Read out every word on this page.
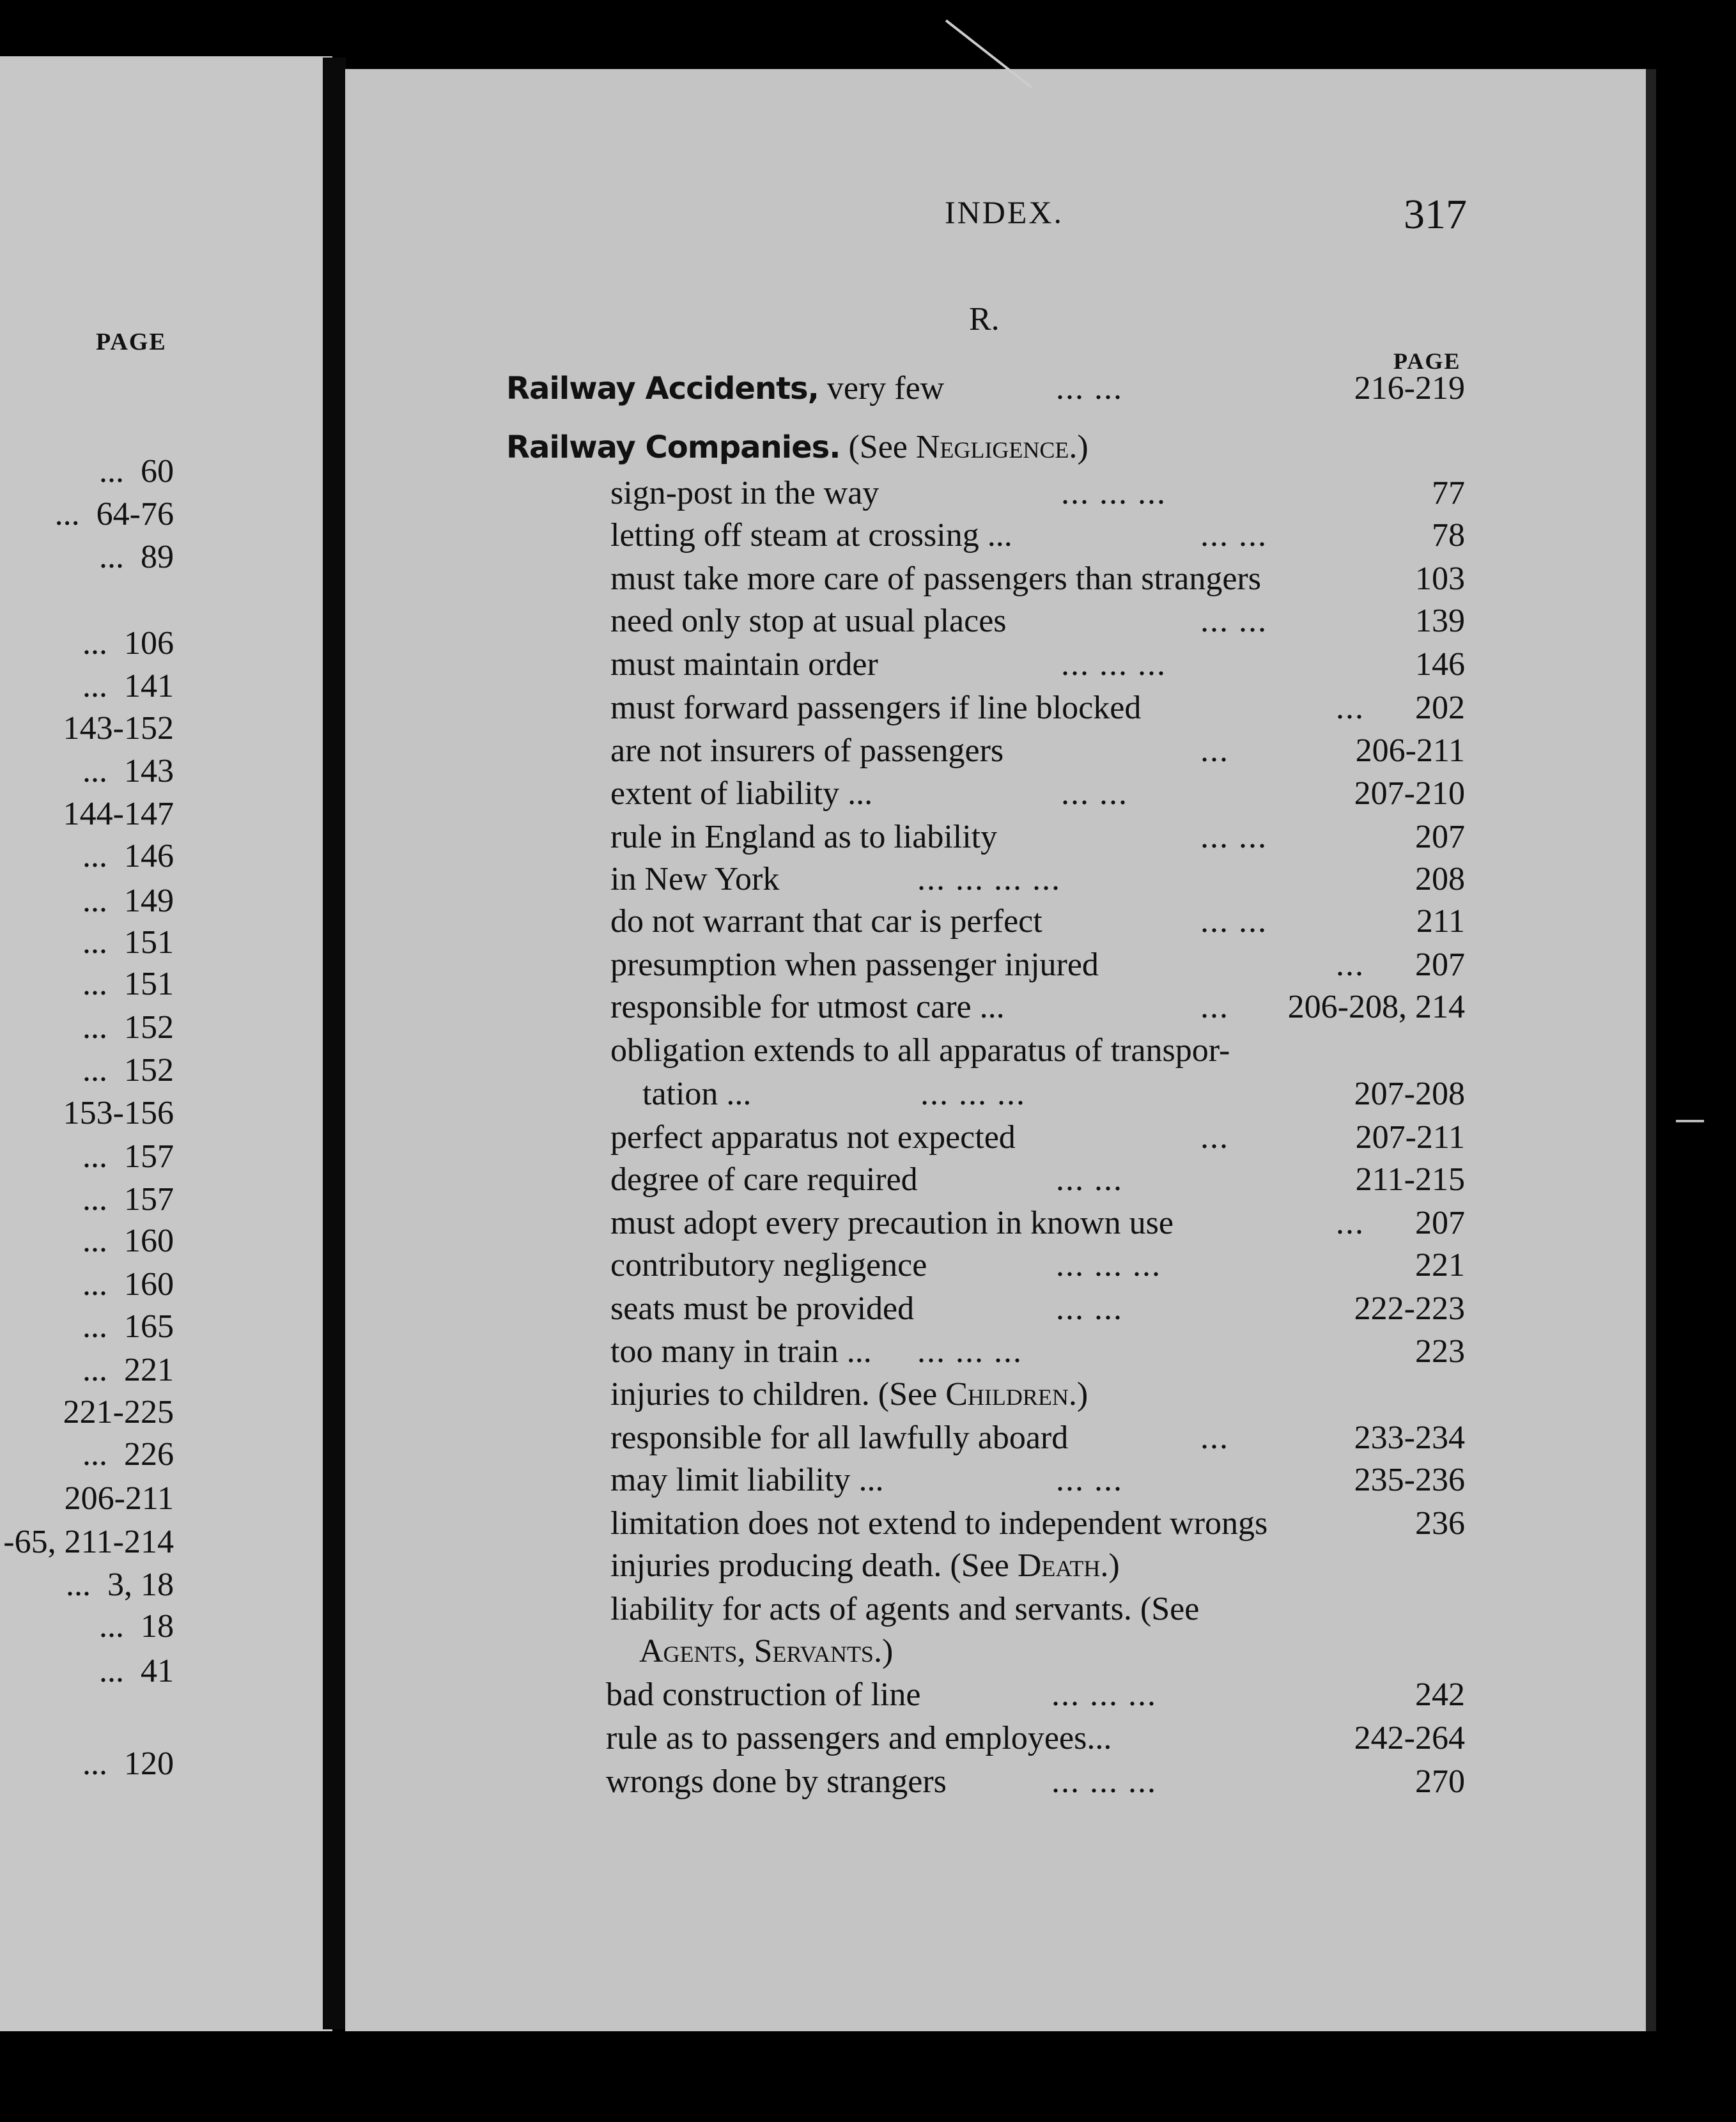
PAGE
... 60
... 64-76
... 89
... 106
... 141
143-152
... 143
144-147
... 146
... 149
... 151
... 151
... 152
... 152
153-156
... 157
... 157
... 160
... 160
... 165
... 221
221-225
... 226
206-211
-65, 211-214
... 3, 18
... 18
... 41
... 120
INDEX.	317
R.
PAGE
Railway Accidents, very few	... ...	216-219
Railway Companies. (See Negligence.)
sign-post in the way	... ... ...	77
letting off steam at crossing ...	... ...	78
must take more care of passengers than strangers	103
need only stop at usual places	... ...	139
must maintain order	... ... ...	146
must forward passengers if line blocked	... 202
are not insurers of passengers	...	206-211
extent of liability ...	... ...	207-210
rule in England as to liability	... ...	207
in New York	... ... ... ...	208
do not warrant that car is perfect	... ...	211
presumption when passenger injured	... 207
responsible for utmost care ...	... 206-208, 214
obligation extends to all apparatus of transpor-
tation ...	... ... ...	207-208
perfect apparatus not expected	...	207-211
degree of care required	... ...	211-215
must adopt every precaution in known use	... 207
contributory negligence	... ... ...	221
seats must be provided	... ...	222-223
too many in train ... ... ... ...	223
injuries to children. (See Children.)
responsible for all lawfully aboard	...	233-234
may limit liability ...	... ...	235-236
limitation does not extend to independent wrongs	236
injuries producing death. (See Death.)
liability for acts of agents and servants. (See
Agents, Servants.)
bad construction of line	... ... ...	242
rule as to passengers and employees...	242-264
wrongs done by strangers	... ... ...	270
